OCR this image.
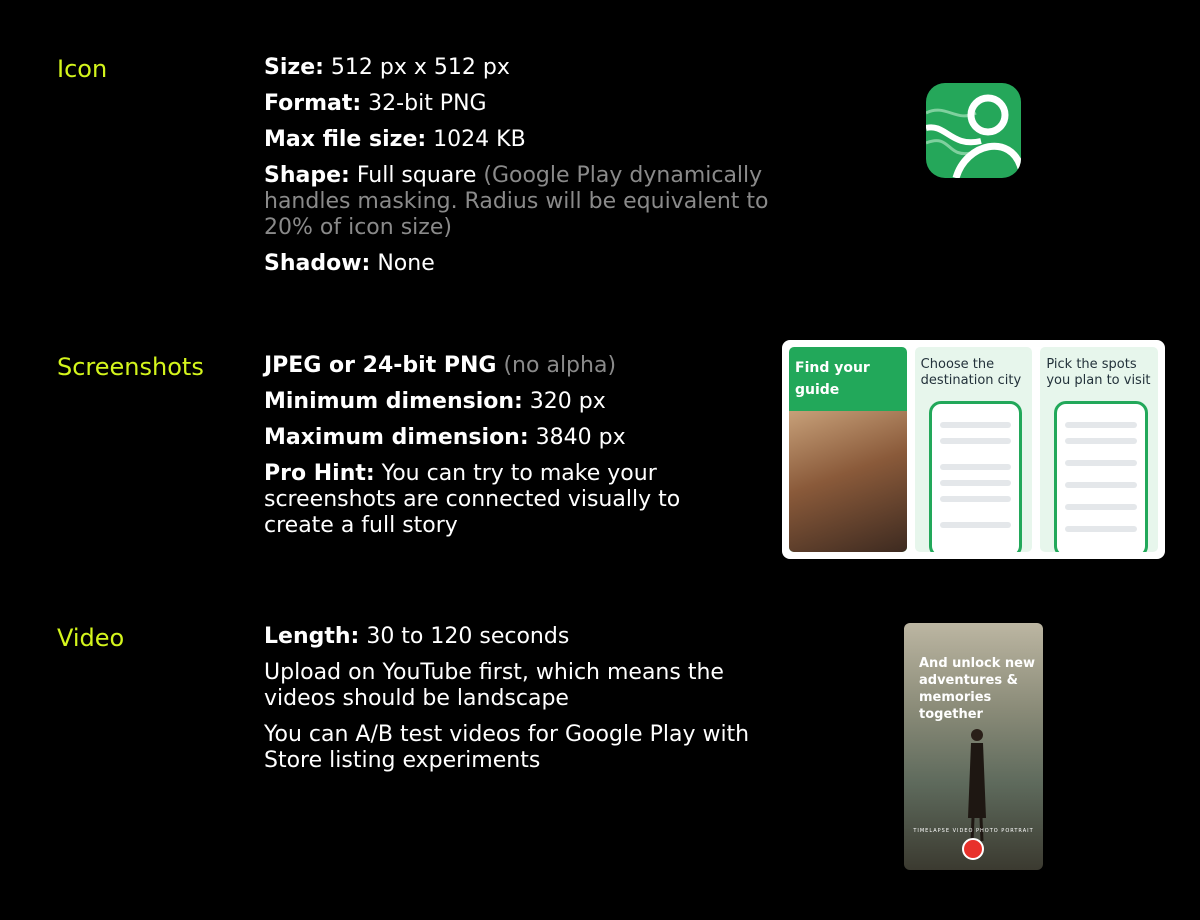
Icon	Size: 512 px x 512 px
Format: 32-bit PNG
Max file size: 1024 KB
Shape: Full square (Google Play dynamically handles masking. Radius will be equivalent to 20% of icon size)
Shadow: None
Screenshots	JPEG or 24-bit PNG (no alpha)
Minimum dimension: 320 px
Maximum dimension: 3840 px
Pro Hint: You can try to make your screenshots are connected visually to create a full story
Find your guide
Choose the destination city
Pick the spots you plan to visit
Video	Length: 30 to 120 seconds
Upload on YouTube first, which means the videos should be landscape
You can A/B test videos for Google Play with Store listing experiments
And unlock new adventures & memories together
TIMELAPSE VIDEO PHOTO PORTRAIT
